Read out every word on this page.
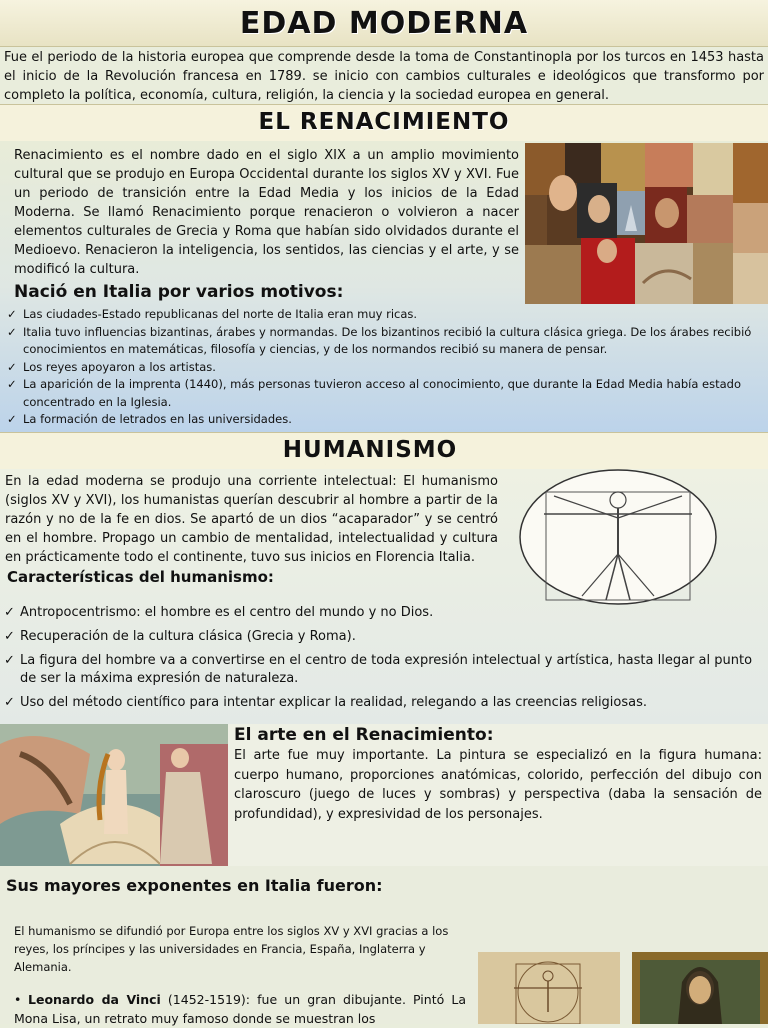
EDAD MODERNA
Fue el periodo de la historia europea que comprende desde la toma de Constantinopla por los turcos en 1453 hasta el inicio de la Revolución francesa en 1789. se inicio con cambios culturales e ideológicos que transformo por completo la política, economía, cultura, religión, la ciencia y la sociedad europea en general.
EL RENACIMIENTO
Renacimiento es el nombre dado en el siglo XIX a un amplio movimiento cultural que se produjo en Europa Occidental durante los siglos XV y XVI. Fue un periodo de transición entre la Edad Media y los inicios de la Edad Moderna. Se llamó Renacimiento porque renacieron o volvieron a nacer elementos culturales de Grecia y Roma que habían sido olvidados durante el Medioevo. Renacieron la inteligencia, los sentidos, las ciencias y el arte, y se modificó la cultura.
Nació en Italia por varios motivos:
✓ Las ciudades-Estado republicanas del norte de Italia eran muy ricas.
✓ Italia tuvo influencias bizantinas, árabes y normandas. De los bizantinos recibió la cultura clásica griega. De los árabes recibió conocimientos en matemáticas, filosofía y ciencias, y de los normandos recibió su manera de pensar.
✓ Los reyes apoyaron a los artistas.
✓ La aparición de la imprenta (1440), más personas tuvieron acceso al conocimiento, que durante la Edad Media había estado concentrado en la Iglesia.
✓ La formación de letrados en las universidades.
HUMANISMO
En la edad moderna se produjo una corriente intelectual: El humanismo (siglos XV y XVI), los humanistas querían descubrir al hombre a partir de la razón y no de la fe en dios. Se apartó de un dios “acaparador” y se centró en el hombre. Propago un cambio de mentalidad, intelectualidad y cultura en prácticamente todo el continente, tuvo sus inicios en Florencia Italia.
Características del humanismo:
✓ Antropocentrismo: el hombre es el centro del mundo y no Dios.
✓ Recuperación de la cultura clásica (Grecia y Roma).
✓ La figura del hombre va a convertirse en el centro de toda expresión intelectual y artística, hasta llegar al punto de ser la máxima expresión de naturaleza.
✓ Uso del método científico para intentar explicar la realidad, relegando a las creencias religiosas.
El arte en el Renacimiento:
El arte fue muy importante. La pintura se especializó en la figura humana: cuerpo humano, proporciones anatómicas, colorido, perfección del dibujo con claroscuro (juego de luces y sombras) y perspectiva (daba la sensación de profundidad), y expresividad de los personajes.
Sus mayores exponentes en Italia fueron:
El humanismo se difundió por Europa entre los siglos XV y XVI gracias a los reyes, los príncipes y las universidades en Francia, España, Inglaterra y Alemania.
• Leonardo da Vinci (1452-1519): fue un gran dibujante. Pintó La Mona Lisa, un retrato muy famoso donde se muestran los
